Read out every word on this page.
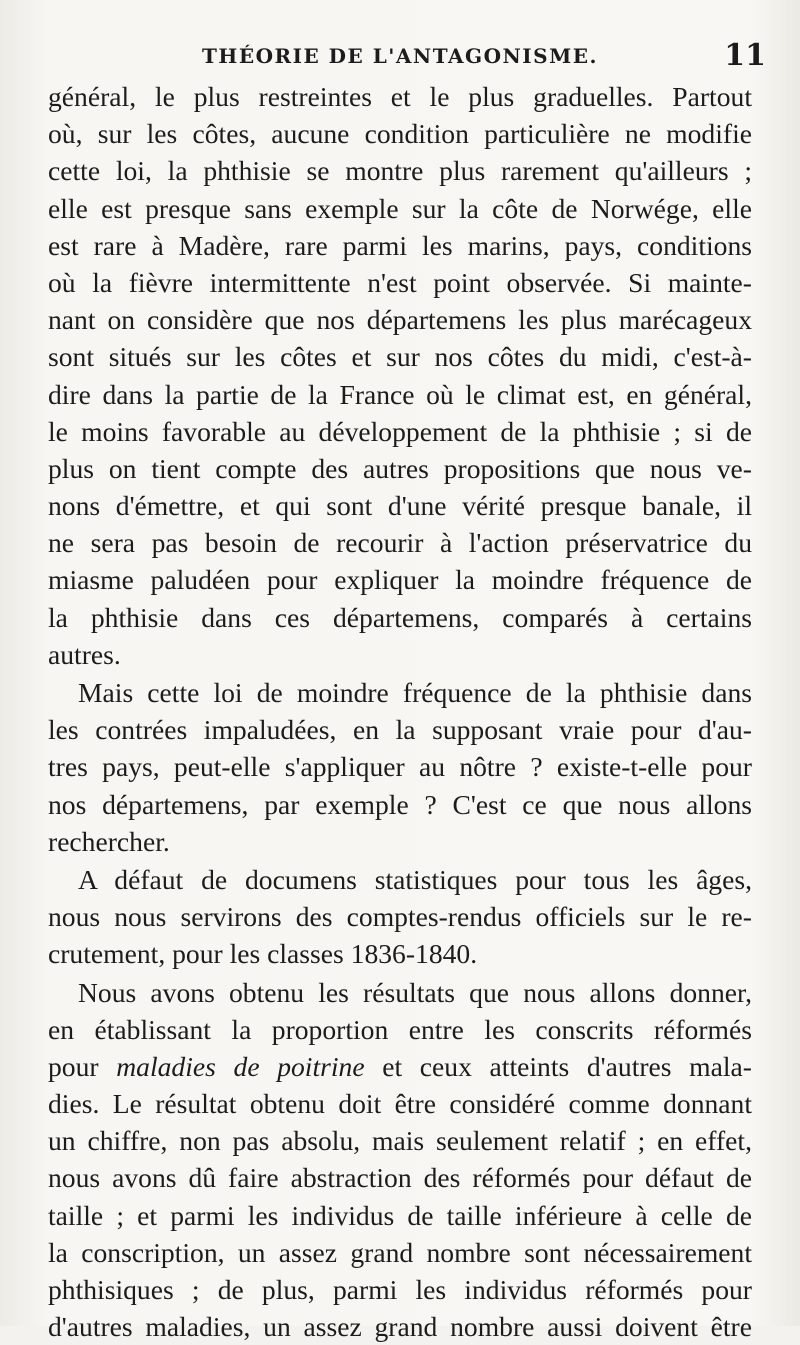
THÉORIE DE L'ANTAGONISME.	11
général, le plus restreintes et le plus graduelles. Partout
où, sur les côtes, aucune condition particulière ne modifie
cette loi, la phthisie se montre plus rarement qu'ailleurs ;
elle est presque sans exemple sur la côte de Norwége, elle
est rare à Madère, rare parmi les marins, pays, conditions
où la fièvre intermittente n'est point observée. Si mainte-
nant on considère que nos départemens les plus marécageux
sont situés sur les côtes et sur nos côtes du midi, c'est-à-
dire dans la partie de la France où le climat est, en général,
le moins favorable au développement de la phthisie ; si de
plus on tient compte des autres propositions que nous ve-
nons d'émettre, et qui sont d'une vérité presque banale, il
ne sera pas besoin de recourir à l'action préservatrice du
miasme paludéen pour expliquer la moindre fréquence de
la phthisie dans ces départemens, comparés à certains
autres.
Mais cette loi de moindre fréquence de la phthisie dans
les contrées impaludées, en la supposant vraie pour d'au-
tres pays, peut-elle s'appliquer au nôtre ? existe-t-elle pour
nos départemens, par exemple ? C'est ce que nous allons
rechercher.
A défaut de documens statistiques pour tous les âges,
nous nous servirons des comptes-rendus officiels sur le re-
crutement, pour les classes 1836-1840.
Nous avons obtenu les résultats que nous allons donner,
en établissant la proportion entre les conscrits réformés
pour maladies de poitrine et ceux atteints d'autres mala-
dies. Le résultat obtenu doit être considéré comme donnant
un chiffre, non pas absolu, mais seulement relatif ; en effet,
nous avons dû faire abstraction des réformés pour défaut de
taille ; et parmi les individus de taille inférieure à celle de
la conscription, un assez grand nombre sont nécessairement
phthisiques ; de plus, parmi les individus réformés pour
d'autres maladies, un assez grand nombre aussi doivent être
